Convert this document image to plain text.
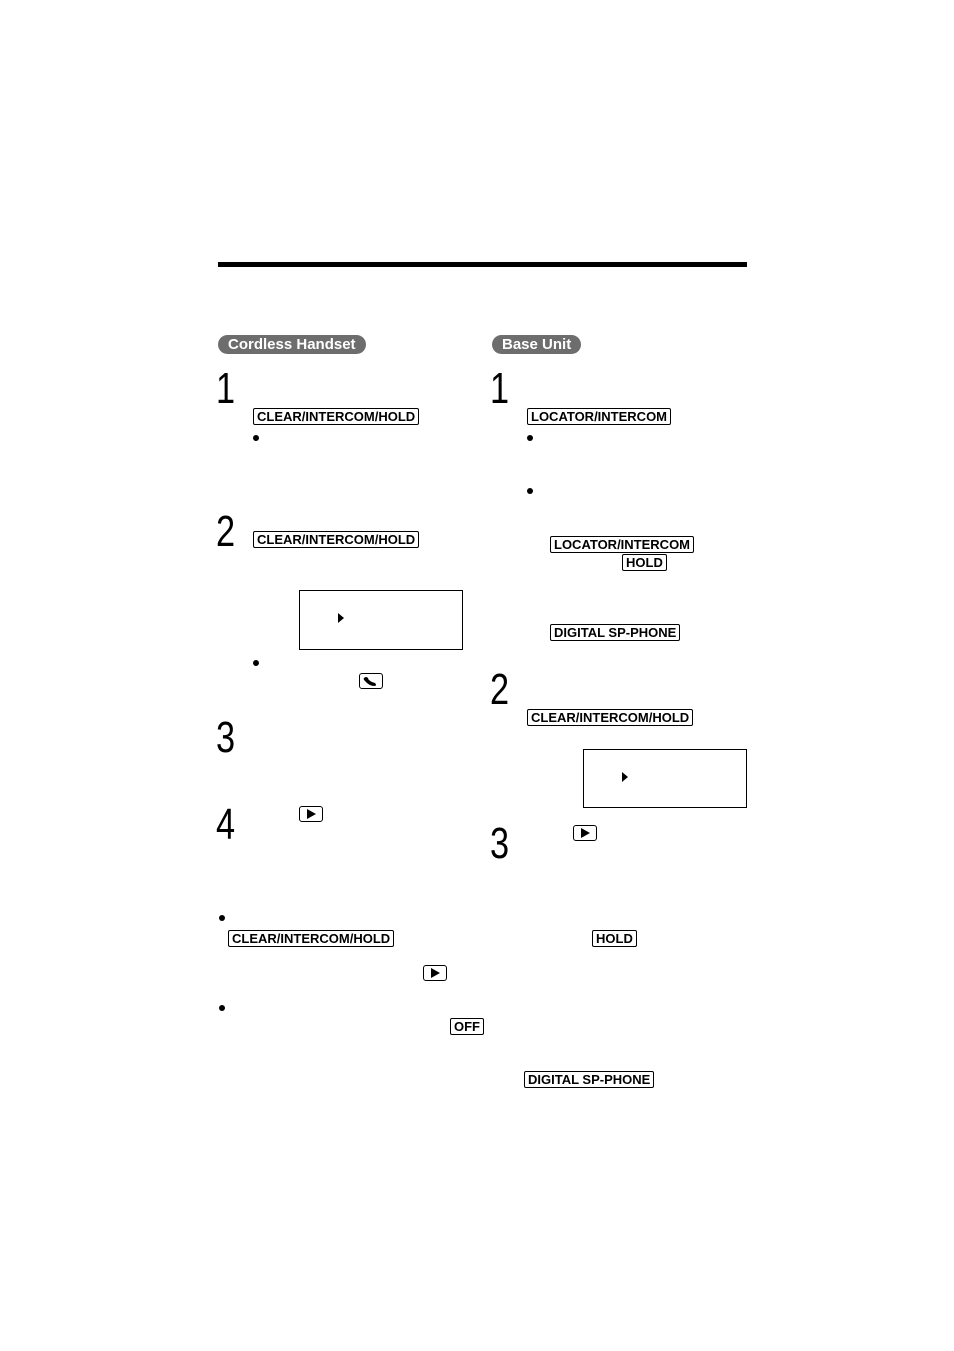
Cordless Handset
1
CLEAR/INTERCOM/HOLD
2	CLEAR/INTERCOM/HOLD
3
4
CLEAR/INTERCOM/HOLD	HOLD
OFF
DIGITAL SP-PHONE
Base Unit
1
LOCATOR/INTERCOM
LOCATOR/INTERCOM
HOLD
DIGITAL SP-PHONE
2
CLEAR/INTERCOM/HOLD
3
